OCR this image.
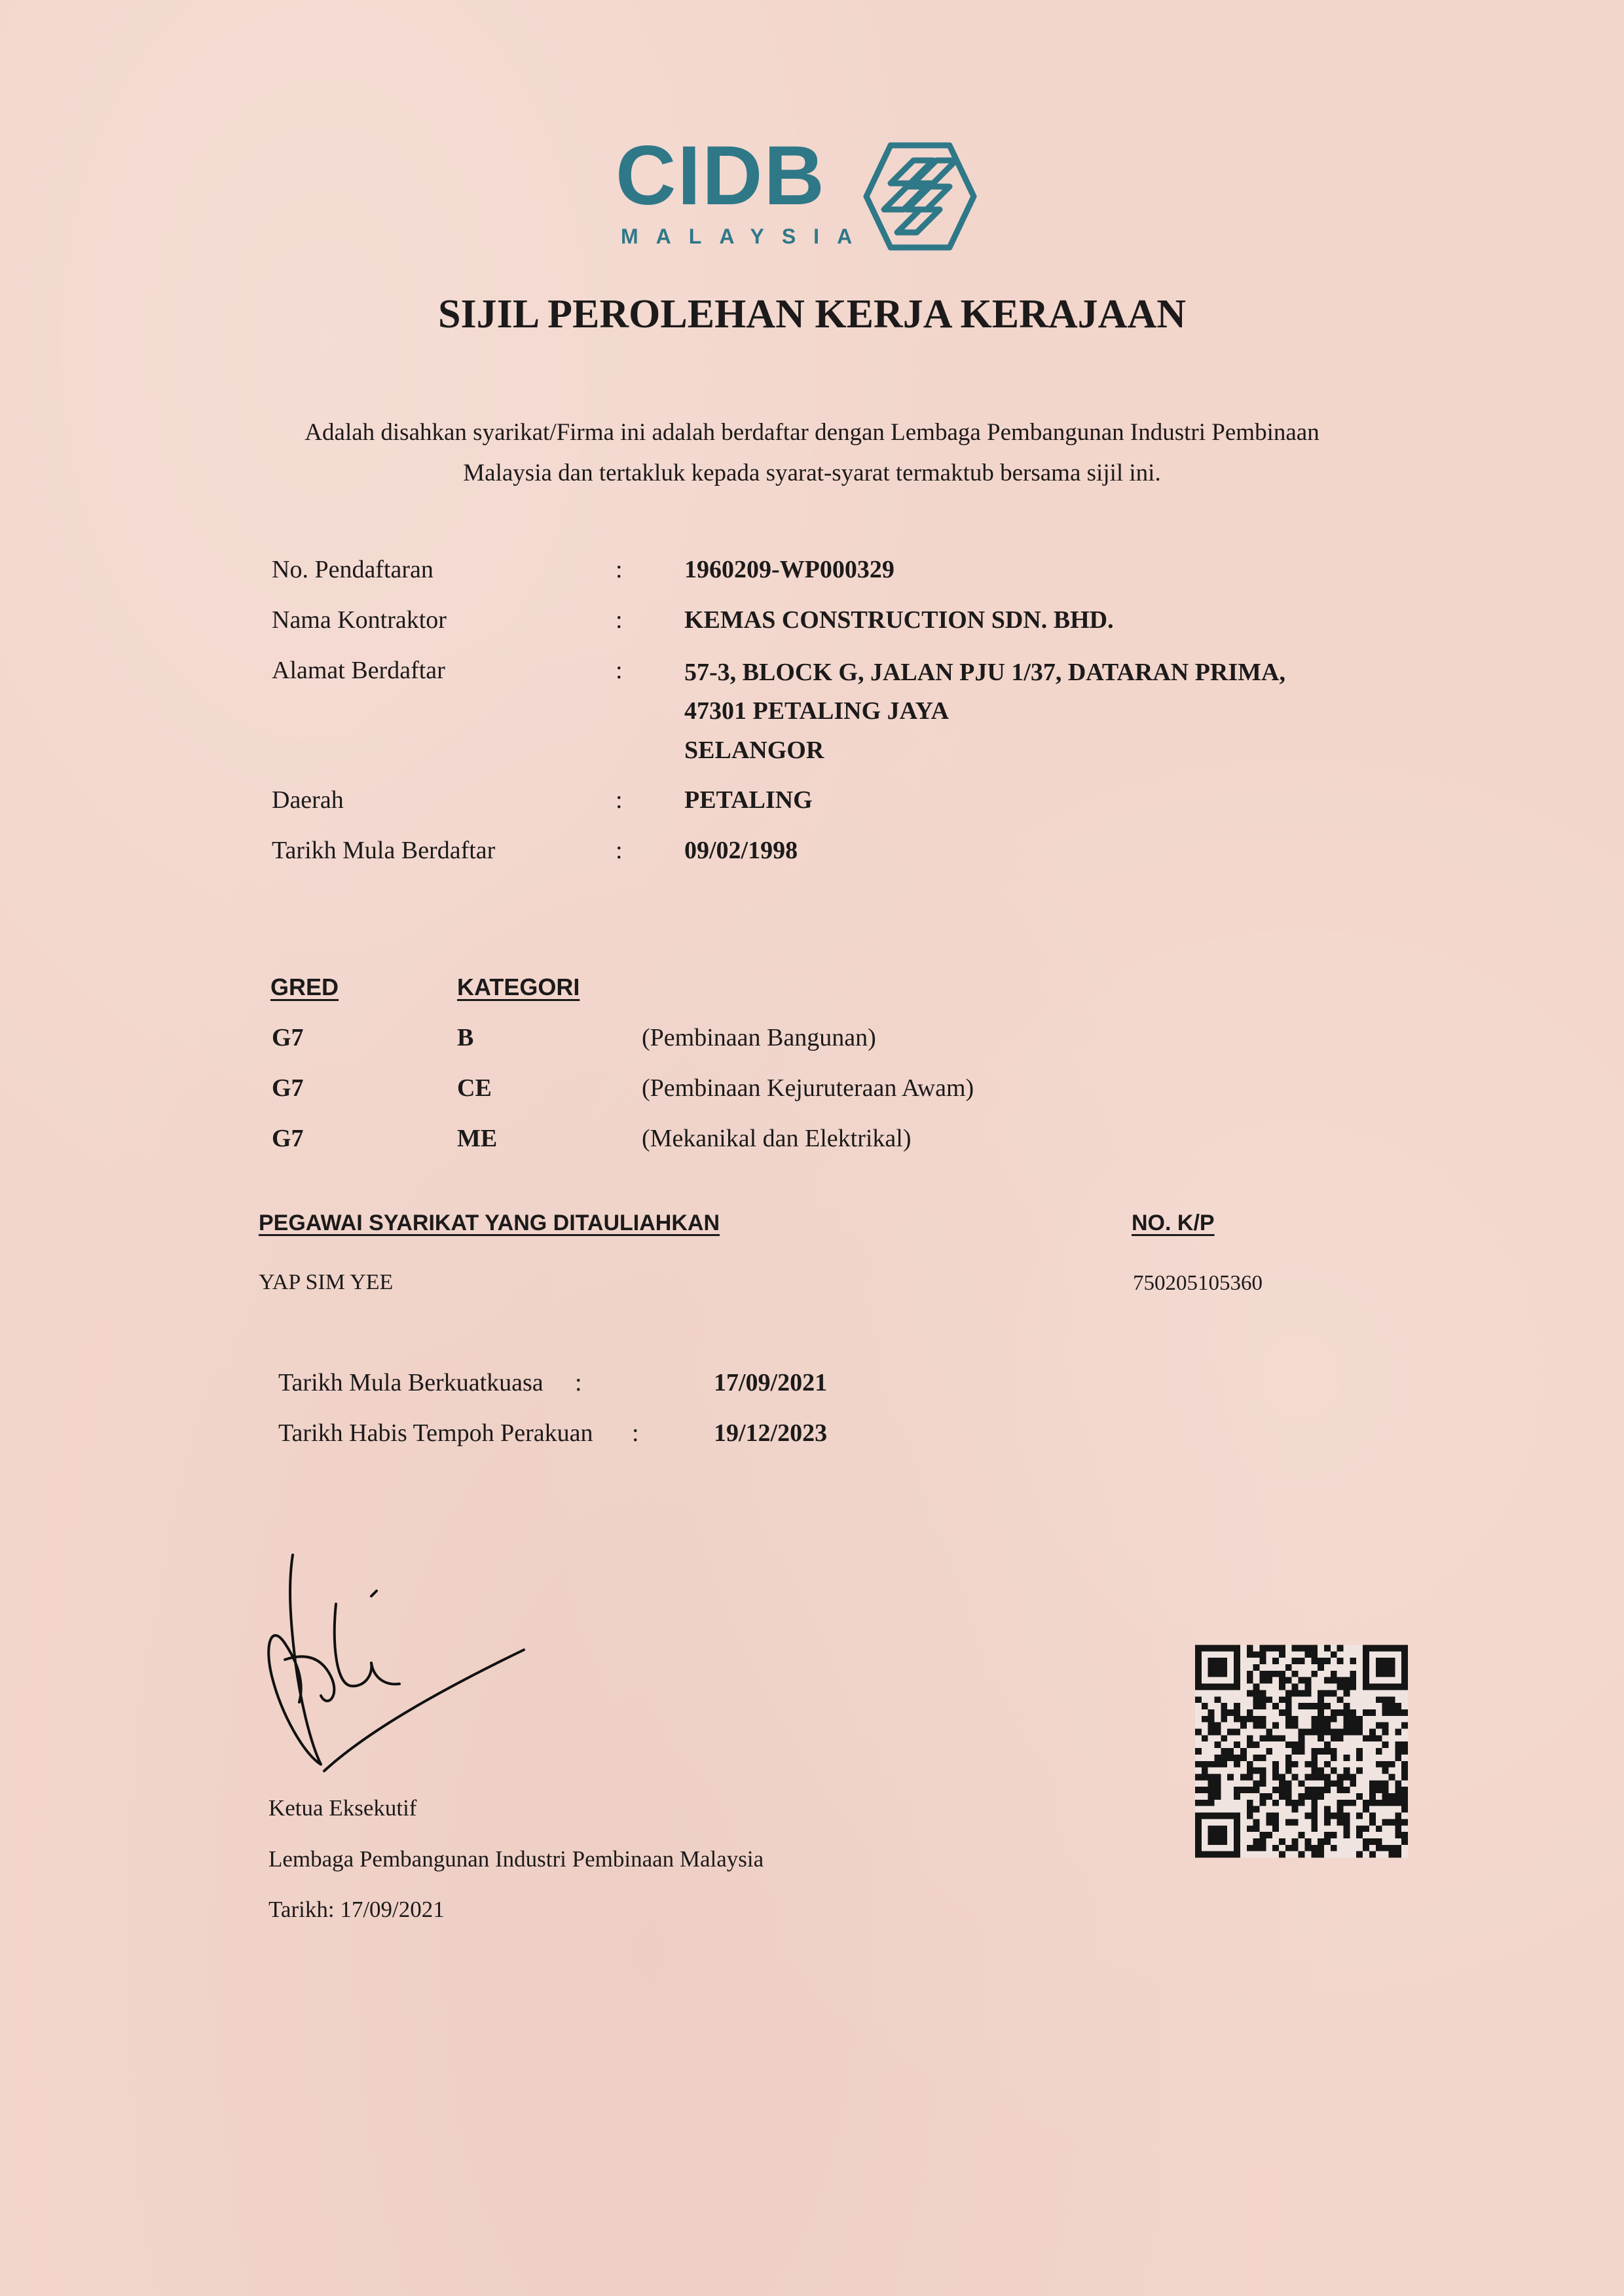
CIDB
MALAYSIA
SIJIL PEROLEHAN KERJA KERAJAAN
Adalah disahkan syarikat/Firma ini adalah berdaftar dengan Lembaga Pembangunan Industri Pembinaan
Malaysia dan tertakluk kepada syarat-syarat termaktub bersama sijil ini.
No. Pendaftaran	: 1960209-WP000329
Nama Kontraktor	: KEMAS CONSTRUCTION SDN. BHD.
Alamat Berdaftar	: 57-3, BLOCK G, JALAN PJU 1/37, DATARAN PRIMA,
47301 PETALING JAYA
SELANGOR
Daerah	: PETALING
Tarikh Mula Berdaftar	: 09/02/1998
GRED	KATEGORI
G7	B	(Pembinaan Bangunan)
G7	CE	(Pembinaan Kejuruteraan Awam)
G7	ME	(Mekanikal dan Elektrikal)
PEGAWAI SYARIKAT YANG DITAULIAHKAN	NO. K/P
YAP SIM YEE	750205105360
Tarikh Mula Berkuatkuasa :	17/09/2021
Tarikh Habis Tempoh Perakuan :	19/12/2023
Ketua Eksekutif
Lembaga Pembangunan Industri Pembinaan Malaysia
Tarikh: 17/09/2021
